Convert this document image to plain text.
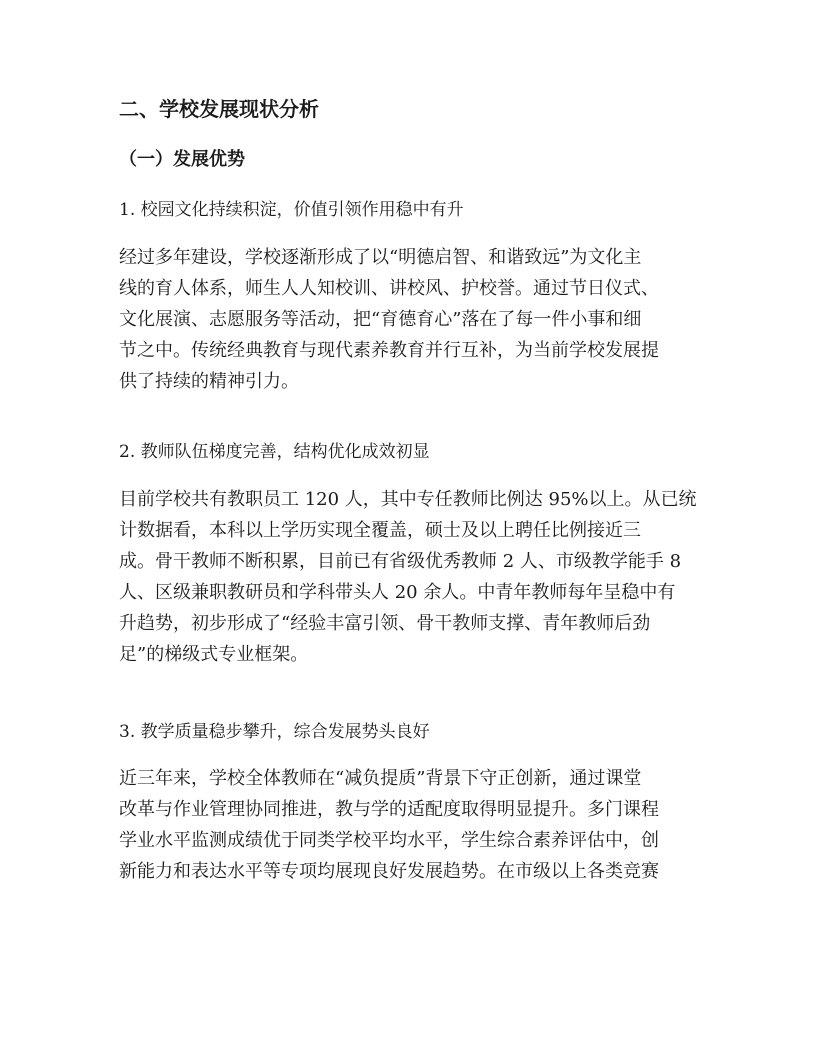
二、学校发展现状分析
（一）发展优势

1. 校园文化持续积淀，价值引领作用稳中有升

经过多年建设，学校逐渐形成了以“明德启智、和谐致远”为文化主
线的育人体系，师生人人知校训、讲校风、护校誉。通过节日仪式、
文化展演、志愿服务等活动，把“育德育心”落在了每一件小事和细
节之中。传统经典教育与现代素养教育并行互补，为当前学校发展提
供了持续的精神引力。

2. 教师队伍梯度完善，结构优化成效初显

目前学校共有教职员工 120 人，其中专任教师比例达 95%以上。从已统
计数据看，本科以上学历实现全覆盖，硕士及以上聘任比例接近三
成。骨干教师不断积累，目前已有省级优秀教师 2 人、市级教学能手 8
人、区级兼职教研员和学科带头人 20 余人。中青年教师每年呈稳中有
升趋势，初步形成了“经验丰富引领、骨干教师支撑、青年教师后劲
足”的梯级式专业框架。

3. 教学质量稳步攀升，综合发展势头良好

近三年来，学校全体教师在“减负提质”背景下守正创新，通过课堂
改革与作业管理协同推进，教与学的适配度取得明显提升。多门课程
学业水平监测成绩优于同类学校平均水平，学生综合素养评估中，创
新能力和表达水平等专项均展现良好发展趋势。在市级以上各类竞赛
